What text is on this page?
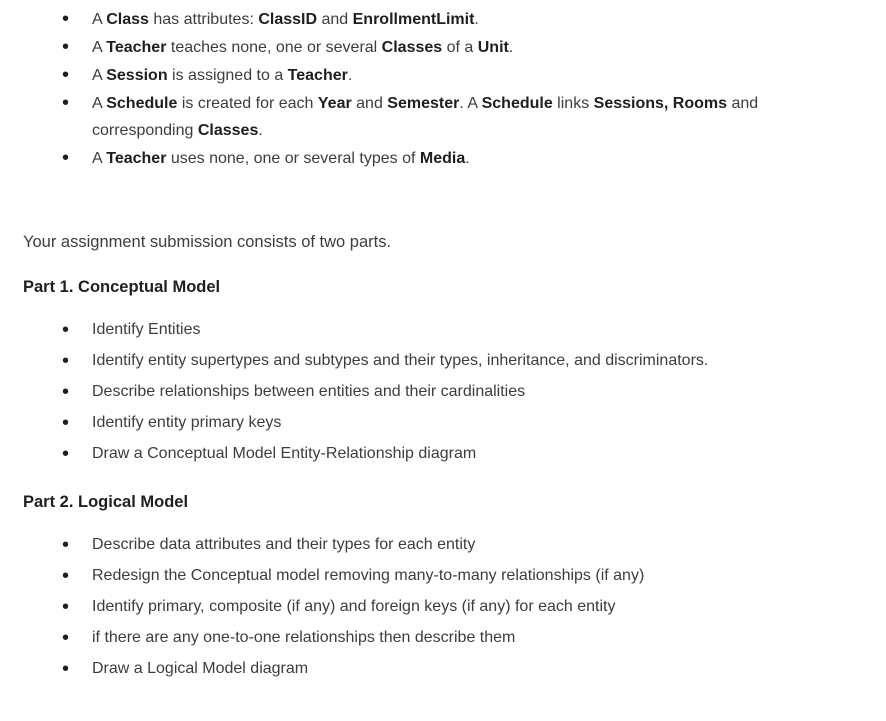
• A Class has attributes: ClassID and EnrollmentLimit.
• A Teacher teaches none, one or several Classes of a Unit.
• A Session is assigned to a Teacher.
• A Schedule is created for each Year and Semester. A Schedule links Sessions, Rooms and corresponding Classes.
• A Teacher uses none, one or several types of Media.

Your assignment submission consists of two parts.

Part 1. Conceptual Model
• Identify Entities
• Identify entity supertypes and subtypes and their types, inheritance, and discriminators.
• Describe relationships between entities and their cardinalities
• Identify entity primary keys
• Draw a Conceptual Model Entity-Relationship diagram
Part 2. Logical Model
• Describe data attributes and their types for each entity
• Redesign the Conceptual model removing many-to-many relationships (if any)
• Identify primary, composite (if any) and foreign keys (if any) for each entity
• if there are any one-to-one relationships then describe them
• Draw a Logical Model diagram
